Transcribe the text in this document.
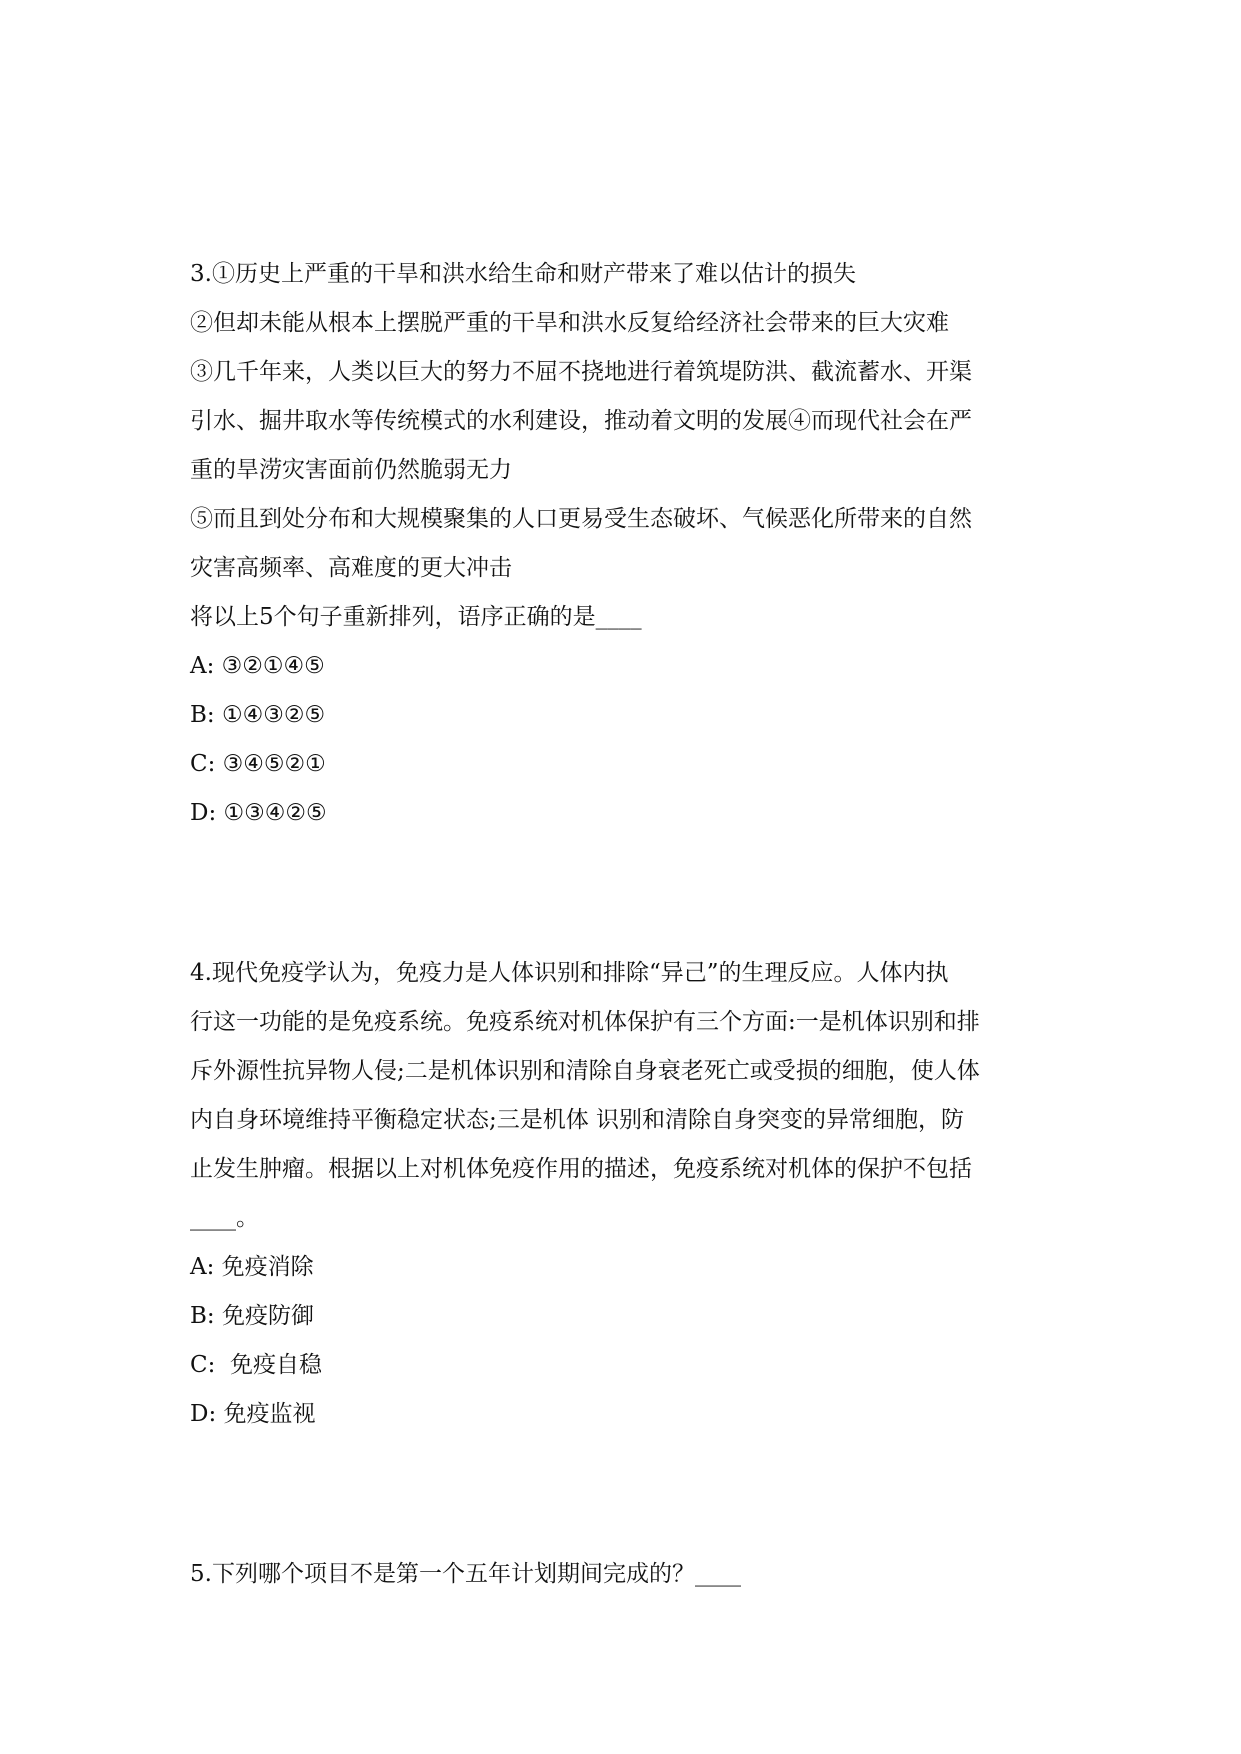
3.①历史上严重的干旱和洪水给生命和财产带来了难以估计的损失
②但却未能从根本上摆脱严重的干旱和洪水反复给经济社会带来的巨大灾难
③几千年来，人类以巨大的努力不屈不挠地进行着筑堤防洪、截流蓄水、开渠
引水、掘井取水等传统模式的水利建设，推动着文明的发展④而现代社会在严
重的旱涝灾害面前仍然脆弱无力
⑤而且到处分布和大规模聚集的人口更易受生态破坏、气候恶化所带来的自然
灾害高频率、高难度的更大冲击
将以上5个句子重新排列，语序正确的是____
A: ③②①④⑤
B: ①④③②⑤
C: ③④⑤②①
D: ①③④②⑤
4.现代免疫学认为，免疫力是人体识别和排除“异己”的生理反应。人体内执
行这一功能的是免疫系统。免疫系统对机体保护有三个方面:一是机体识别和排
斥外源性抗异物人侵;二是机体识别和清除自身衰老死亡或受损的细胞，使人体
内自身环境维持平衡稳定状态;三是机体 识别和清除自身突变的异常细胞，防
止发生肿瘤。根据以上对机体免疫作用的描述，免疫系统对机体的保护不包括
____。
A: 免疫消除
B: 免疫防御
C:  免疫自稳
D: 免疫监视
5.下列哪个项目不是第一个五年计划期间完成的？____
